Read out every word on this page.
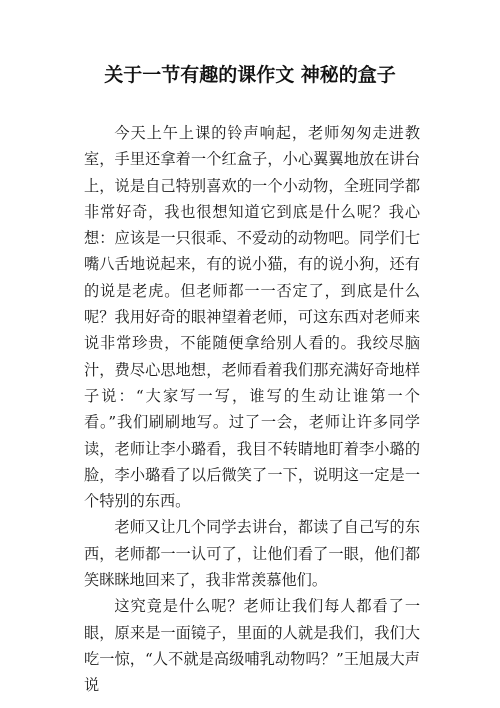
关于一节有趣的课作文 神秘的盒子

今天上午上课的铃声响起，老师匆匆走进教室，手里还拿着一个红盒子，小心翼翼地放在讲台上，说是自己特别喜欢的一个小动物，全班同学都非常好奇，我也很想知道它到底是什么呢？我心想：应该是一只很乖、不爱动的动物吧。同学们七嘴八舌地说起来，有的说小猫，有的说小狗，还有的说是老虎。但老师都一一否定了，到底是什么呢？我用好奇的眼神望着老师，可这东西对老师来说非常珍贵，不能随便拿给别人看的。我绞尽脑汁，费尽心思地想，老师看着我们那充满好奇地样子说：“大家写一写，谁写的生动让谁第一个看。”我们刷刷地写。过了一会，老师让许多同学读，老师让李小璐看，我目不转睛地盯着李小璐的脸，李小璐看了以后微笑了一下，说明这一定是一个特别的东西。

老师又让几个同学去讲台，都读了自己写的东西，老师都一一认可了，让他们看了一眼，他们都笑眯眯地回来了，我非常羡慕他们。

这究竟是什么呢？老师让我们每人都看了一眼，原来是一面镜子，里面的人就是我们，我们大吃一惊，“人不就是高级哺乳动物吗？”王旭晟大声说
